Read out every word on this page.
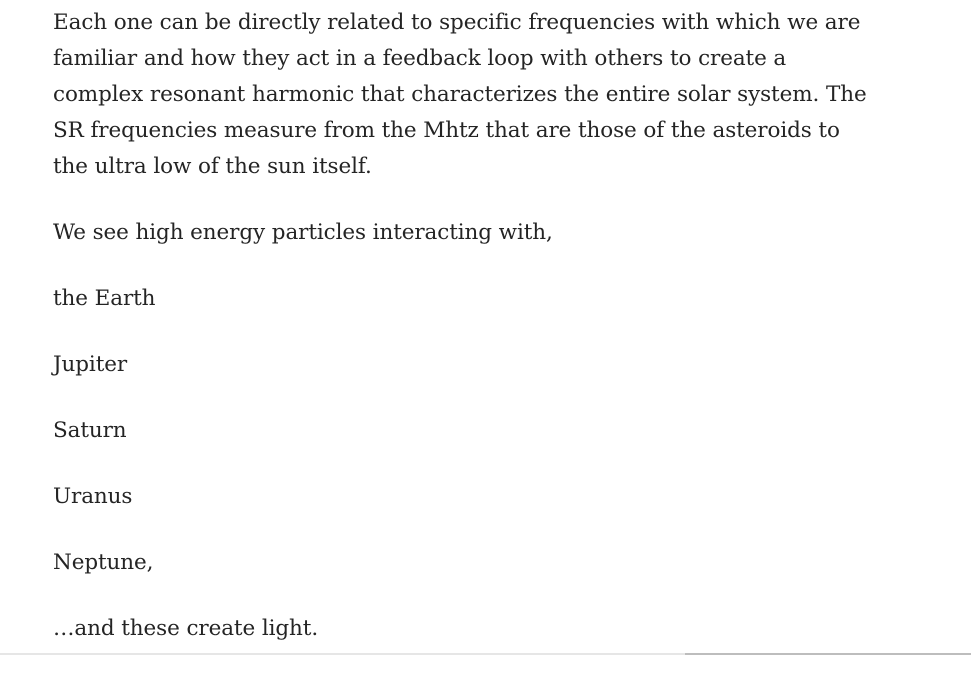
Each one can be directly related to specific frequencies with which we are familiar and how they act in a feedback loop with others to create a complex resonant harmonic that characterizes the entire solar system. The SR frequencies measure from the Mhtz that are those of the asteroids to the ultra low of the sun itself.

We see high energy particles interacting with,

the Earth

Jupiter

Saturn

Uranus

Neptune,

…and these create light.
